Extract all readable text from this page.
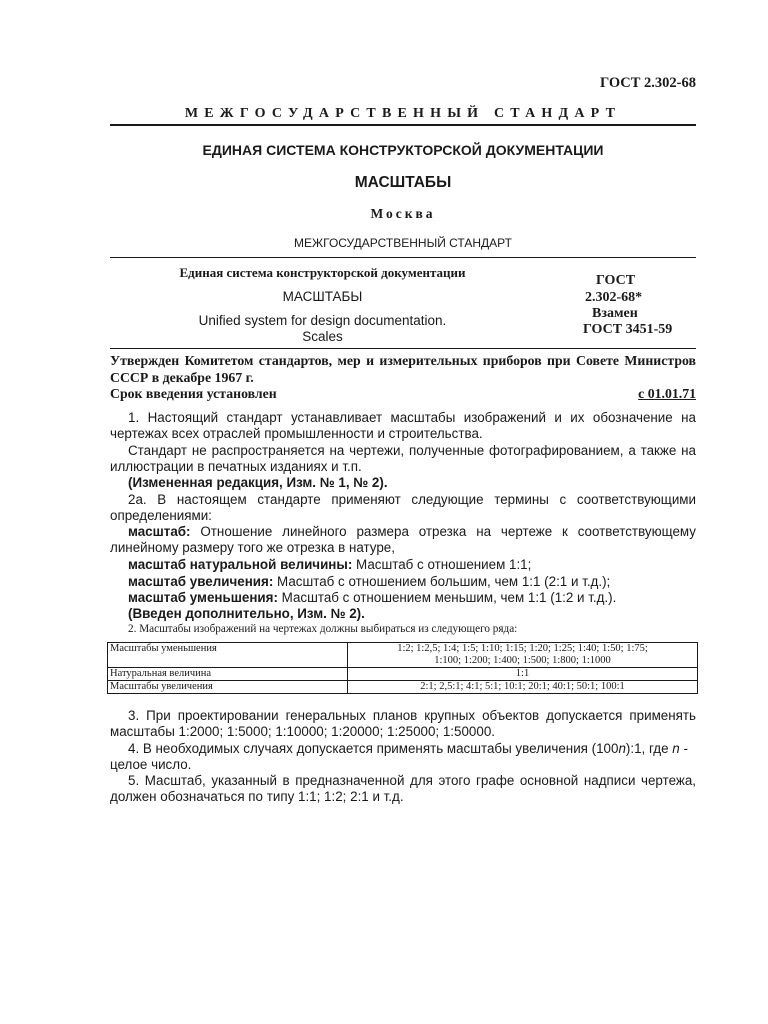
ГОСТ 2.302-68
МЕЖГОСУДАРСТВЕННЫЙ СТАНДАРТ
ЕДИНАЯ СИСТЕМА КОНСТРУКТОРСКОЙ ДОКУМЕНТАЦИИ
МАСШТАБЫ
Москва
МЕЖГОСУДАРСТВЕННЫЙ СТАНДАРТ
Единая система конструкторской документации
МАСШТАБЫ
Unified system for design documentation.
Scales
ГОСТ
2.302-68*
Взамен
ГОСТ 3451-59
Утвержден Комитетом стандартов, мер и измерительных приборов при Совете Министров СССР в декабре 1967 г.
Срок введения установлен	с 01.01.71
1. Настоящий стандарт устанавливает масштабы изображений и их обозначение на чертежах всех отраслей промышленности и строительства.
Стандарт не распространяется на чертежи, полученные фотографированием, а также на иллюстрации в печатных изданиях и т.п.
(Измененная редакция, Изм. № 1, № 2).
2а. В настоящем стандарте применяют следующие термины с соответствующими определениями:
масштаб: Отношение линейного размера отрезка на чертеже к соответствующему линейному размеру того же отрезка в натуре,
масштаб натуральной величины: Масштаб с отношением 1:1;
масштаб увеличения: Масштаб с отношением большим, чем 1:1 (2:1 и т.д.);
масштаб уменьшения: Масштаб с отношением меньшим, чем 1:1 (1:2 и т.д.).
(Введен дополнительно, Изм. № 2).
2. Масштабы изображений на чертежах должны выбираться из следующего ряда:
Масштабы уменьшения	1:2; 1:2,5; 1:4; 1:5; 1:10; 1:15; 1:20; 1:25; 1:40; 1:50; 1:75;
1:100; 1:200; 1:400; 1:500; 1:800; 1:1000

Натуральная величина	1:1
Масштабы увеличения	2:1; 2,5:1; 4:1; 5:1; 10:1; 20:1; 40:1; 50:1; 100:1
3. При проектировании генеральных планов крупных объектов допускается применять масштабы 1:2000; 1:5000; 1:10000; 1:20000; 1:25000; 1:50000.
4. В необходимых случаях допускается применять масштабы увеличения (100n):1, где n - целое число.
5. Масштаб, указанный в предназначенной для этого графе основной надписи чертежа, должен обозначаться по типу 1:1; 1:2; 2:1 и т.д.
